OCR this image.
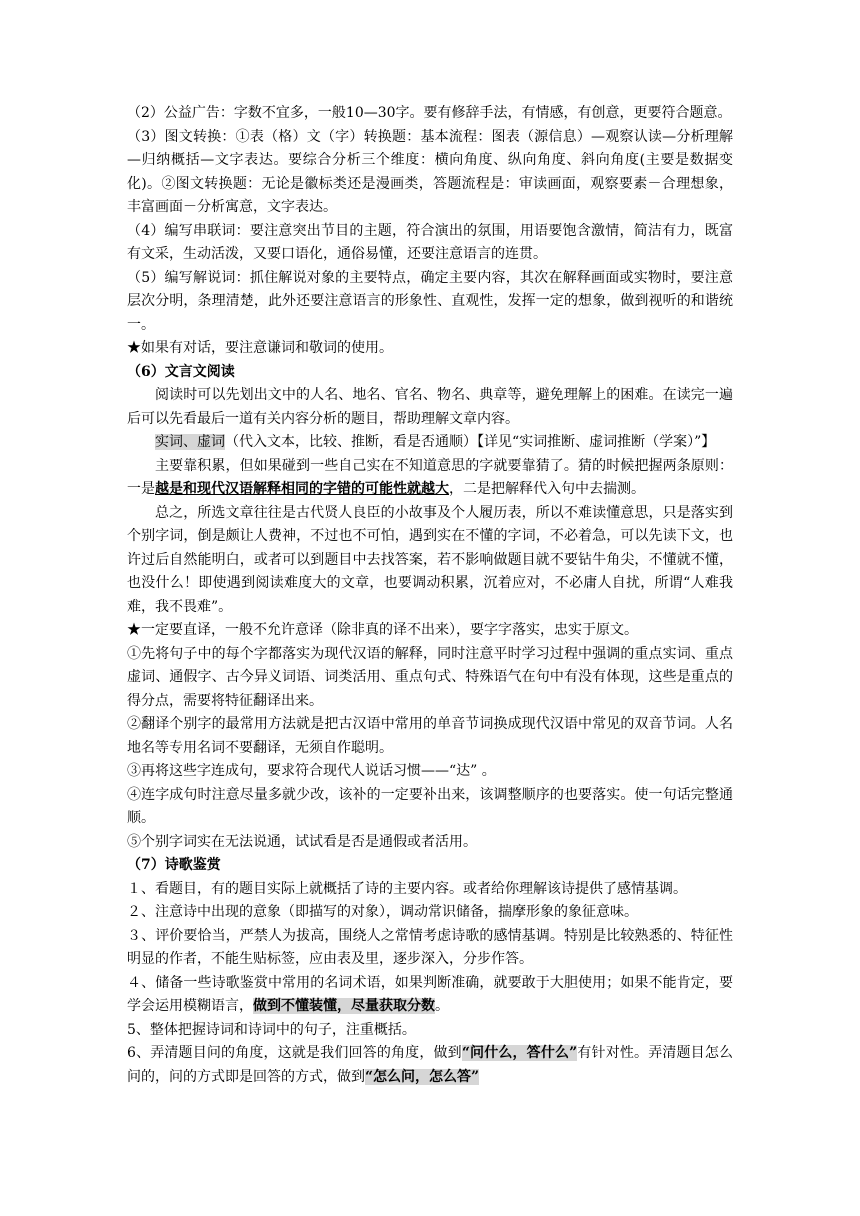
（2）公益广告：字数不宜多，一般10—30字。要有修辞手法，有情感，有创意，更要符合题意。

（3）图文转换：①表（格）文（字）转换题：基本流程：图表（源信息）—观察认读—分析理解—归纳概括—文字表达。要综合分析三个维度：横向角度、纵向角度、斜向角度(主要是数据变化)。②图文转换题：无论是徽标类还是漫画类，答题流程是：审读画面，观察要素－合理想象，丰富画面－分析寓意，文字表达。

（4）编写串联词：要注意突出节目的主题，符合演出的氛围，用语要饱含激情，简洁有力，既富有文采，生动活泼，又要口语化，通俗易懂，还要注意语言的连贯。

（5）编写解说词：抓住解说对象的主要特点，确定主要内容，其次在解释画面或实物时，要注意层次分明，条理清楚，此外还要注意语言的形象性、直观性，发挥一定的想象，做到视听的和谐统一。

★如果有对话，要注意谦词和敬词的使用。

（6）文言文阅读

阅读时可以先划出文中的人名、地名、官名、物名、典章等，避免理解上的困难。在读完一遍后可以先看最后一道有关内容分析的题目，帮助理解文章内容。

实词、虚词（代入文本，比较、推断，看是否通顺）【详见“实词推断、虚词推断（学案）”】

主要靠积累，但如果碰到一些自己实在不知道意思的字就要靠猜了。猜的时候把握两条原则：一是越是和现代汉语解释相同的字错的可能性就越大，二是把解释代入句中去揣测。

总之，所选文章往往是古代贤人良臣的小故事及个人履历表，所以不难读懂意思，只是落实到个别字词，倒是颇让人费神，不过也不可怕，遇到实在不懂的字词，不必着急，可以先读下文，也许过后自然能明白，或者可以到题目中去找答案，若不影响做题目就不要钻牛角尖，不懂就不懂，也没什么！即使遇到阅读难度大的文章，也要调动积累，沉着应对，不必庸人自扰，所谓“人难我难，我不畏难”。

★一定要直译，一般不允许意译（除非真的译不出来），要字字落实，忠实于原文。

①先将句子中的每个字都落实为现代汉语的解释，同时注意平时学习过程中强调的重点实词、重点虚词、通假字、古今异义词语、词类活用、重点句式、特殊语气在句中有没有体现，这些是重点的得分点，需要将特征翻译出来。

②翻译个别字的最常用方法就是把古汉语中常用的单音节词换成现代汉语中常见的双音节词。人名地名等专用名词不要翻译，无须自作聪明。

③再将这些字连成句，要求符合现代人说话习惯——“达” 。

④连字成句时注意尽量多就少改，该补的一定要补出来，该调整顺序的也要落实。使一句话完整通顺。

⑤个别字词实在无法说通，试试看是否是通假或者活用。

（7）诗歌鉴赏

１、看题目，有的题目实际上就概括了诗的主要内容。或者给你理解该诗提供了感情基调。

２、注意诗中出现的意象（即描写的对象），调动常识储备，揣摩形象的象征意味。

３、评价要恰当，严禁人为拔高，围绕人之常情考虑诗歌的感情基调。特别是比较熟悉的、特征性明显的作者，不能生贴标签，应由表及里，逐步深入，分步作答。

４、储备一些诗歌鉴赏中常用的名词术语，如果判断准确，就要敢于大胆使用；如果不能肯定，要学会运用模糊语言，做到不懂装懂，尽量获取分数。

5、整体把握诗词和诗词中的句子，注重概括。

6、弄清题目问的角度，这就是我们回答的角度，做到“问什么，答什么”有针对性。弄清题目怎么问的，问的方式即是回答的方式，做到“怎么问，怎么答”
